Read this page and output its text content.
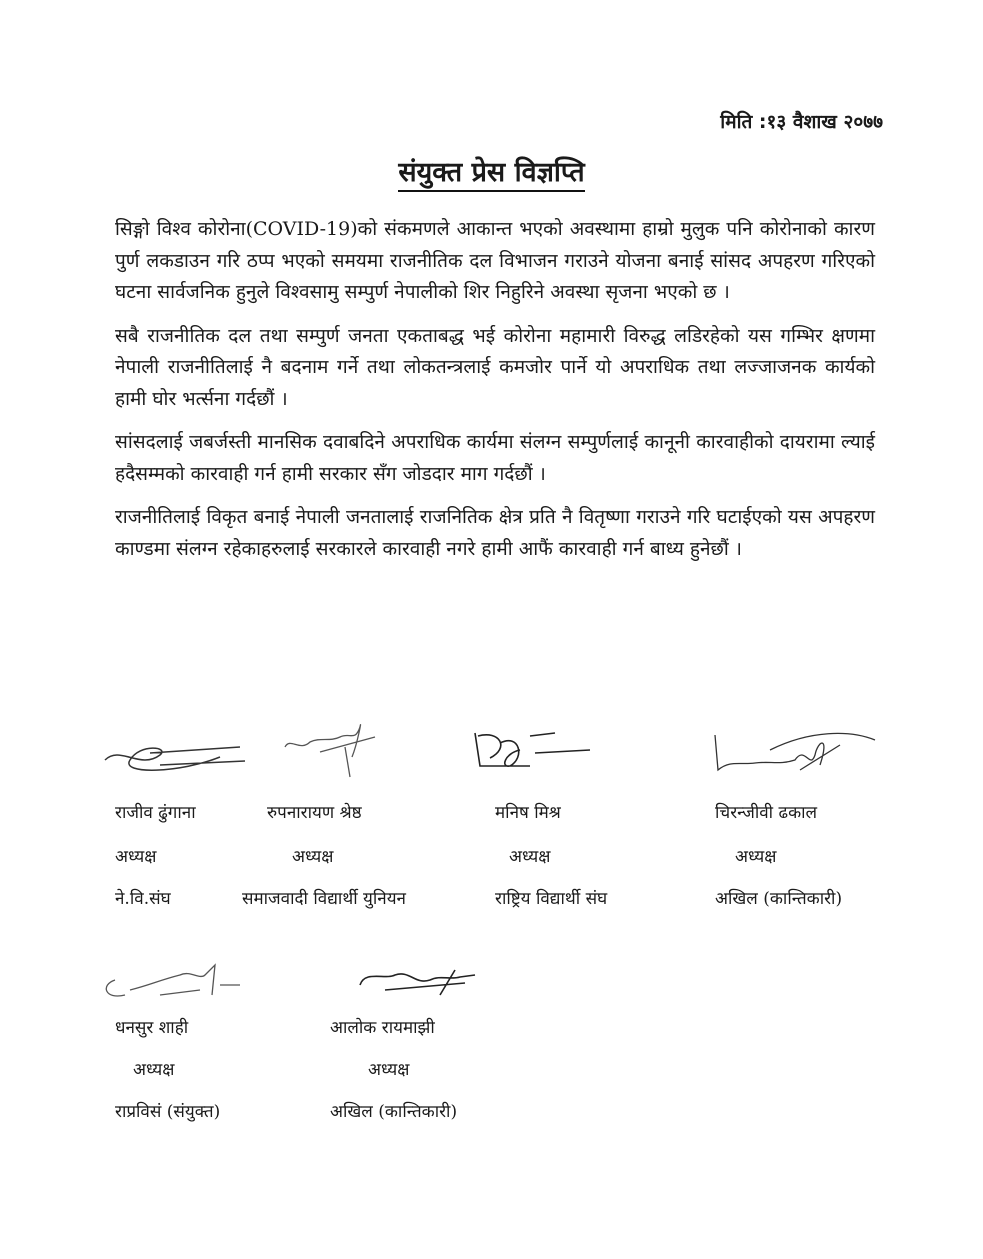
मिति :१३ वैशाख २०७७
संयुक्त प्रेस विज्ञप्ति

सिङ्गो विश्व कोरोना(COVID-19)को संकमणले आकान्त भएको अवस्थामा हाम्रो मुलुक पनि कोरोनाको कारण पुर्ण लकडाउन गरि ठप्प भएको समयमा राजनीतिक दल विभाजन गराउने योजना बनाई सांसद अपहरण गरिएको घटना सार्वजनिक हुनुले विश्वसामु सम्पुर्ण नेपालीको शिर निहुरिने अवस्था सृजना भएको छ ।

सबै राजनीतिक दल तथा सम्पुर्ण जनता एकताबद्ध भई कोरोना महामारी विरुद्ध लडिरहेको यस गम्भिर क्षणमा नेपाली राजनीतिलाई नै बदनाम गर्ने तथा लोकतन्त्रलाई कमजोर पार्ने यो अपराधिक तथा लज्जाजनक कार्यको हामी घोर भर्त्सना गर्दछौं ।

सांसदलाई जबर्जस्ती मानसिक दवाबदिने अपराधिक कार्यमा संलग्न सम्पुर्णलाई कानूनी कारवाहीको दायरामा ल्याई हदैसम्मको कारवाही गर्न हामी सरकार सँग जोडदार माग गर्दछौं ।

राजनीतिलाई विकृत बनाई नेपाली जनतालाई राजनितिक क्षेत्र प्रति नै वितृष्णा गराउने गरि घटाईएको यस अपहरण काण्डमा संलग्न रहेकाहरुलाई सरकारले कारवाही नगरे हामी आफैं कारवाही गर्न बाध्य हुनेछौं ।

राजीव ढुंगाना
अध्यक्ष
ने.वि.संघ
रुपनारायण श्रेष्ठ
अध्यक्ष
समाजवादी विद्यार्थी युनियन
मनिष मिश्र
अध्यक्ष
राष्ट्रिय विद्यार्थी संघ
चिरन्जीवी ढकाल
अध्यक्ष
अखिल (कान्तिकारी)
धनसुर शाही
अध्यक्ष
राप्रविसं (संयुक्त)
आलोक रायमाझी
अध्यक्ष
अखिल (कान्तिकारी)
